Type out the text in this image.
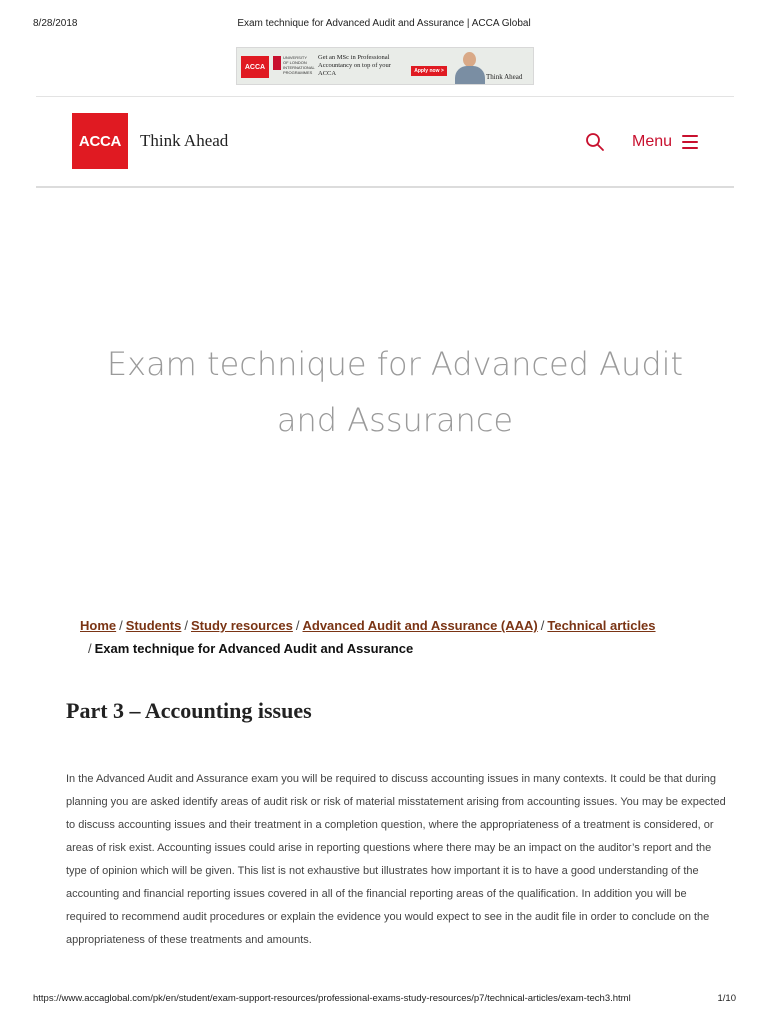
8/28/2018	Exam technique for Advanced Audit and Assurance | ACCA Global
ACCA
UNIVERSITY OF LONDON INTERNATIONAL PROGRAMMES
Get an MSc in Professional Accountancy on top of your ACCA	Apply now >
Think Ahead
ACCA	Think Ahead	Menu
Exam technique for Advanced Audit
and Assurance
Home / Students / Study resources / Advanced Audit and Assurance (AAA) / Technical articles
/ Exam technique for Advanced Audit and Assurance
Part 3 – Accounting issues

In the Advanced Audit and Assurance exam you will be required to discuss accounting issues in many contexts. It could be that during planning you are asked identify areas of audit risk or risk of material misstatement arising from accounting issues. You may be expected to discuss accounting issues and their treatment in a completion question, where the appropriateness of a treatment is considered, or areas of risk exist. Accounting issues could arise in reporting questions where there may be an impact on the auditor’s report and the type of opinion which will be given. This list is not exhaustive but illustrates how important it is to have a good understanding of the accounting and financial reporting issues covered in all of the financial reporting areas of the qualification. In addition you will be required to recommend audit procedures or explain the evidence you would expect to see in the audit file in order to conclude on the appropriateness of these treatments and amounts.

https://www.accaglobal.com/pk/en/student/exam-support-resources/professional-exams-study-resources/p7/technical-articles/exam-tech3.html	1/10
